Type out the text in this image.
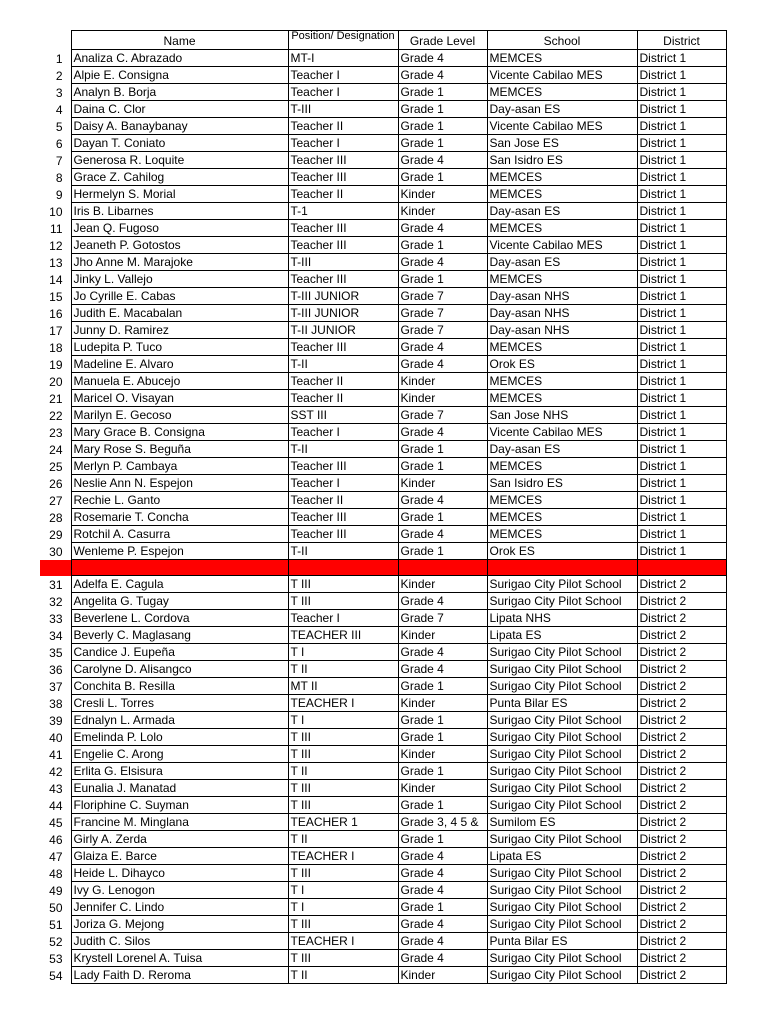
	Name	Position/ Designation	Grade Level	School	District
1	Analiza C. Abrazado	MT-I	Grade 4	MEMCES	District 1
2	Alpie E. Consigna	Teacher I	Grade 4	Vicente Cabilao MES	District 1
3	Analyn B. Borja	Teacher I	Grade 1	MEMCES	District 1
4	Daina C. Clor	T-III	Grade 1	Day-asan ES	District 1
5	Daisy A. Banaybanay	Teacher II	Grade 1	Vicente Cabilao MES	District 1
6	Dayan T. Coniato	Teacher I	Grade 1	San Jose ES	District 1
7	Generosa R. Loquite	Teacher III	Grade 4	San Isidro ES	District 1
8	Grace Z. Cahilog	Teacher III	Grade 1	MEMCES	District 1
9	Hermelyn S. Morial	Teacher II	Kinder	MEMCES	District 1
10	Iris B. Libarnes	T-1	Kinder	Day-asan ES	District 1
11	Jean Q. Fugoso	Teacher III	Grade 4	MEMCES	District 1
12	Jeaneth P. Gotostos	Teacher III	Grade 1	Vicente Cabilao MES	District 1
13	Jho Anne M. Marajoke	T-III	Grade 4	Day-asan ES	District 1
14	Jinky L. Vallejo	Teacher III	Grade 1	MEMCES	District 1
15	Jo Cyrille E. Cabas	T-III JUNIOR	Grade 7	Day-asan NHS	District 1
16	Judith E. Macabalan	T-III JUNIOR	Grade 7	Day-asan NHS	District 1
17	Junny D. Ramirez	T-II JUNIOR	Grade 7	Day-asan NHS	District 1
18	Ludepita P. Tuco	Teacher III	Grade 4	MEMCES	District 1
19	Madeline E. Alvaro	T-II	Grade 4	Orok ES	District 1
20	Manuela E. Abucejo	Teacher II	Kinder	MEMCES	District 1
21	Maricel O. Visayan	Teacher II	Kinder	MEMCES	District 1
22	Marilyn E. Gecoso	SST III	Grade 7	San Jose NHS	District 1
23	Mary Grace B. Consigna	Teacher I	Grade 4	Vicente Cabilao MES	District 1
24	Mary Rose S. Beguña	T-II	Grade 1	Day-asan ES	District 1
25	Merlyn P. Cambaya	Teacher III	Grade 1	MEMCES	District 1
26	Neslie Ann N. Espejon	Teacher I	Kinder	San Isidro ES	District 1
27	Rechie L. Ganto	Teacher II	Grade 4	MEMCES	District 1
28	Rosemarie T. Concha	Teacher III	Grade 1	MEMCES	District 1
29	Rotchil A. Casurra	Teacher III	Grade 4	MEMCES	District 1
30	Wenleme P. Espejon	T-II	Grade 1	Orok ES	District 1

31	Adelfa E. Cagula	T III	Kinder	Surigao City Pilot School	District 2
32	Angelita G. Tugay	T III	Grade 4	Surigao City Pilot School	District 2
33	Beverlene L. Cordova	Teacher I	Grade 7	Lipata NHS	District 2
34	Beverly C. Maglasang	TEACHER III	Kinder	Lipata ES	District 2
35	Candice J. Eupeña	T I	Grade 4	Surigao City Pilot School	District 2
36	Carolyne D. Alisangco	T II	Grade 4	Surigao City Pilot School	District 2
37	Conchita B. Resilla	MT II	Grade 1	Surigao City Pilot School	District 2
38	Cresli L. Torres	TEACHER I	Kinder	Punta Bilar ES	District 2
39	Ednalyn L. Armada	T I	Grade 1	Surigao City Pilot School	District 2
40	Emelinda P. Lolo	T III	Grade 1	Surigao City Pilot School	District 2
41	Engelie C. Arong	T III	Kinder	Surigao City Pilot School	District 2
42	Erlita G. Elsisura	T II	Grade 1	Surigao City Pilot School	District 2
43	Eunalia J. Manatad	T III	Kinder	Surigao City Pilot School	District 2
44	Floriphine C. Suyman	T III	Grade 1	Surigao City Pilot School	District 2
45	Francine M. Minglana	TEACHER 1	Grade 3, 4 5 &	Sumilom ES	District 2
46	Girly A. Zerda	T II	Grade 1	Surigao City Pilot School	District 2
47	Glaiza E. Barce	TEACHER I	Grade 4	Lipata ES	District 2
48	Heide L. Dihayco	T III	Grade 4	Surigao City Pilot School	District 2
49	Ivy G. Lenogon	T I	Grade 4	Surigao City Pilot School	District 2
50	Jennifer C. Lindo	T I	Grade 1	Surigao City Pilot School	District 2
51	Joriza G. Mejong	T III	Grade 4	Surigao City Pilot School	District 2
52	Judith C. Silos	TEACHER I	Grade 4	Punta Bilar ES	District 2
53	Krystell Lorenel A. Tuisa	T III	Grade 4	Surigao City Pilot School	District 2
54	Lady Faith D. Reroma	T II	Kinder	Surigao City Pilot School	District 2
